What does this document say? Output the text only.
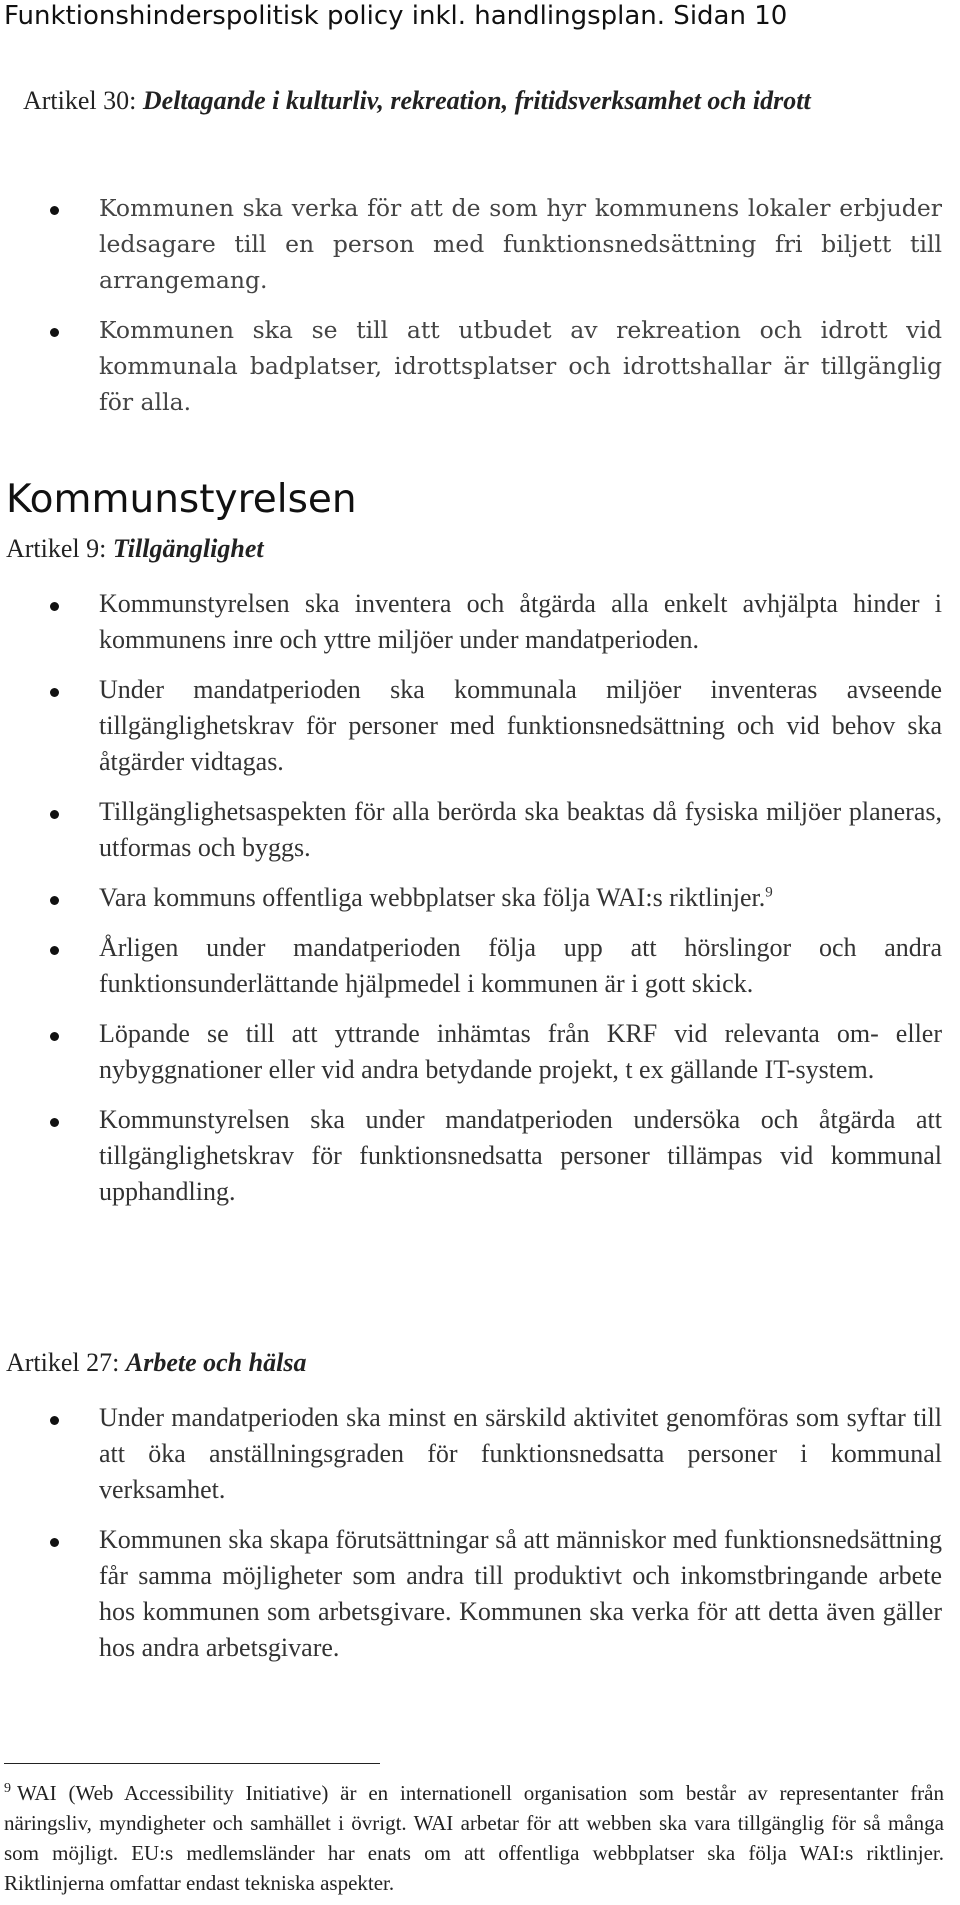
Funktionshinderspolitisk policy inkl. handlingsplan. Sidan 10
Artikel 30: Deltagande i kulturliv, rekreation, fritidsverksamhet och idrott
Kommunen ska verka för att de som hyr kommunens lokaler erbjuder ledsagare till en person med funktionsnedsättning fri biljett till arrangemang.
Kommunen ska se till att utbudet av rekreation och idrott vid kommunala badplatser, idrottsplatser och idrottshallar är tillgänglig för alla.
Kommunstyrelsen
Artikel 9: Tillgänglighet
Kommunstyrelsen ska inventera och åtgärda alla enkelt avhjälpta hinder i kommunens inre och yttre miljöer under mandatperioden.
Under mandatperioden ska kommunala miljöer inventeras avseende tillgänglighetskrav för personer med funktionsnedsättning och vid behov ska åtgärder vidtagas.
Tillgänglighetsaspekten för alla berörda ska beaktas då fysiska miljöer planeras, utformas och byggs.
Vara kommuns offentliga webbplatser ska följa WAI:s riktlinjer.$^9$
Årligen under mandatperioden följa upp att hörslingor och andra funktionsunderlättande hjälpmedel i kommunen är i gott skick.
Löpande se till att yttrande inhämtas från KRF vid relevanta om- eller nybyggnationer eller vid andra betydande projekt, t ex gällande IT-system.
Kommunstyrelsen ska under mandatperioden undersöka och åtgärda att tillgänglighetskrav för funktionsnedsatta personer tillämpas vid kommunal upphandling.
Artikel 27: Arbete och hälsa
Under mandatperioden ska minst en särskild aktivitet genomföras som syftar till att öka anställningsgraden för funktionsnedsatta personer i kommunal verksamhet.
Kommunen ska skapa förutsättningar så att människor med funktionsnedsättning får samma möjligheter som andra till produktivt och inkomstbringande arbete hos kommunen som arbetsgivare. Kommunen ska verka för att detta även gäller hos andra arbetsgivare.
$^9$ WAI (Web Accessibility Initiative) är en internationell organisation som består av representanter från näringsliv, myndigheter och samhället i övrigt. WAI arbetar för att webben ska vara tillgänglig för så många som möjligt. EU:s medlemsländer har enats om att offentliga webbplatser ska följa WAI:s riktlinjer. Riktlinjerna omfattar endast tekniska aspekter.
